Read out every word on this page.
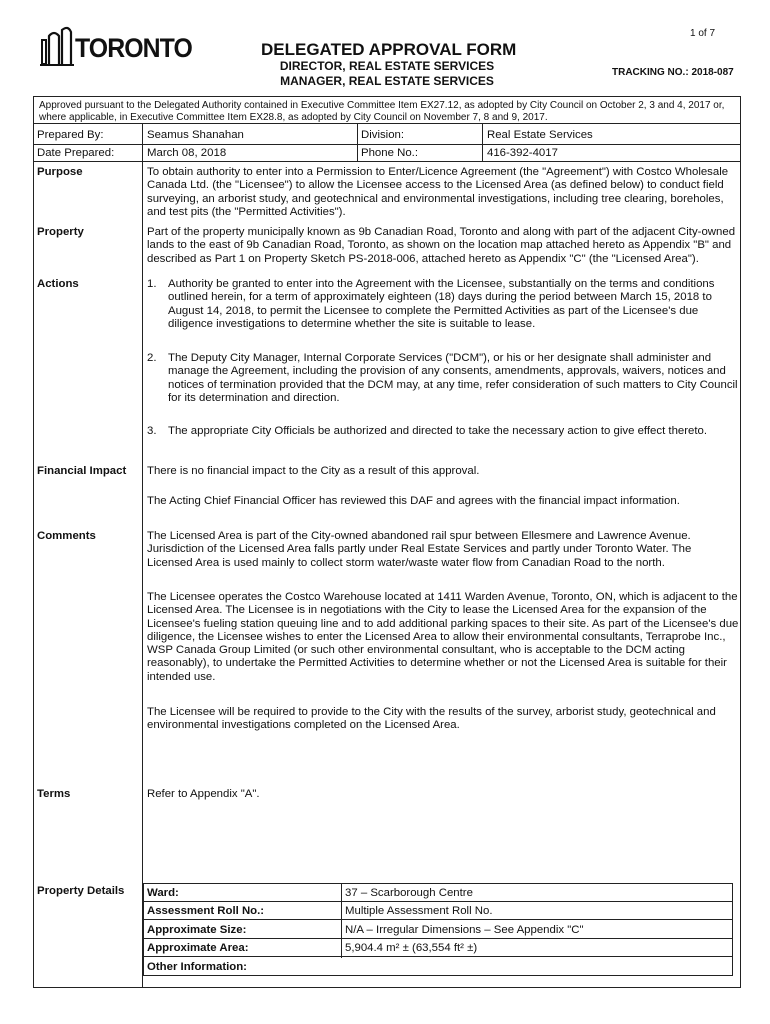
1 of 7
TORONTO	DELEGATED APPROVAL FORM
DIRECTOR, REAL ESTATE SERVICES
MANAGER, REAL ESTATE SERVICES
TRACKING NO.: 2018-087
Approved pursuant to the Delegated Authority contained in Executive Committee Item EX27.12, as adopted by City Council on October 2, 3 and 4, 2017 or, where applicable, in Executive Committee Item EX28.8, as adopted by City Council on November 7, 8 and 9, 2017.
Prepared By:	Seamus Shanahan	Division:	Real Estate Services
Date Prepared:	March 08, 2018	Phone No.:	416-392-4017
Purpose	To obtain authority to enter into a Permission to Enter/Licence Agreement (the "Agreement") with Costco Wholesale Canada Ltd. (the "Licensee") to allow the Licensee access to the Licensed Area (as defined below) to conduct field surveying, an arborist study, and geotechnical and environmental investigations, including tree clearing, boreholes, and test pits (the "Permitted Activities").
Property	Part of the property municipally known as 9b Canadian Road, Toronto and along with part of the adjacent City-owned lands to the east of 9b Canadian Road, Toronto, as shown on the location map attached hereto as Appendix "B" and described as Part 1 on Property Sketch PS-2018-006, attached hereto as Appendix "C" (the "Licensed Area").
Actions	1. Authority be granted to enter into the Agreement with the Licensee, substantially on the terms and conditions outlined herein, for a term of approximately eighteen (18) days during the period between March 15, 2018 to August 14, 2018, to permit the Licensee to complete the Permitted Activities as part of the Licensee's due diligence investigations to determine whether the site is suitable to lease.
2. The Deputy City Manager, Internal Corporate Services ("DCM"), or his or her designate shall administer and manage the Agreement, including the provision of any consents, amendments, approvals, waivers, notices and notices of termination provided that the DCM may, at any time, refer consideration of such matters to City Council for its determination and direction.
3. The appropriate City Officials be authorized and directed to take the necessary action to give effect thereto.
Financial Impact There is no financial impact to the City as a result of this approval.
The Acting Chief Financial Officer has reviewed this DAF and agrees with the financial impact information.
Comments	The Licensed Area is part of the City-owned abandoned rail spur between Ellesmere and Lawrence Avenue. Jurisdiction of the Licensed Area falls partly under Real Estate Services and partly under Toronto Water. The Licensed Area is used mainly to collect storm water/waste water flow from Canadian Road to the north.
The Licensee operates the Costco Warehouse located at 1411 Warden Avenue, Toronto, ON, which is adjacent to the Licensed Area. The Licensee is in negotiations with the City to lease the Licensed Area for the expansion of the Licensee's fueling station queuing line and to add additional parking spaces to their site. As part of the Licensee's due diligence, the Licensee wishes to enter the Licensed Area to allow their environmental consultants, Terraprobe Inc., WSP Canada Group Limited (or such other environmental consultant, who is acceptable to the DCM acting reasonably), to undertake the Permitted Activities to determine whether or not the Licensed Area is suitable for their intended use.
The Licensee will be required to provide to the City with the results of the survey, arborist study, geotechnical and environmental investigations completed on the Licensed Area.
Terms	Refer to Appendix "A".
Property Details Ward:	37 – Scarborough Centre
Assessment Roll No.:	Multiple Assessment Roll No.
Approximate Size:	N/A – Irregular Dimensions – See Appendix "C"
Approximate Area:	5,904.4 m² ± (63,554 ft² ±)
Other Information:
